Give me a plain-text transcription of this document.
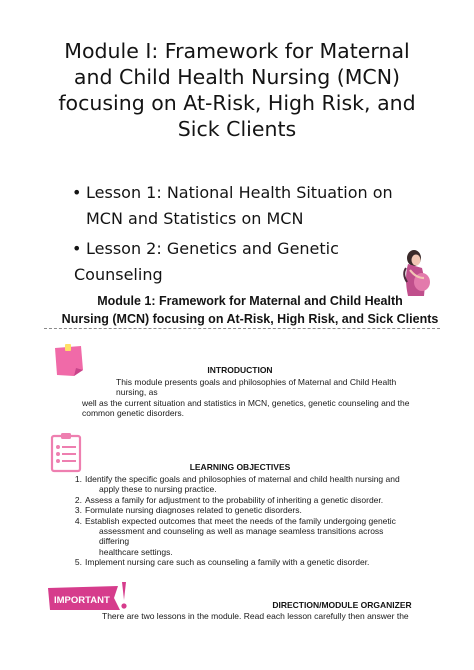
Module I: Framework for Maternal
and Child Health Nursing (MCN)
focusing on At-Risk, High Risk, and
Sick Clients
• Lesson 1: National Health Situation on
MCN and Statistics on MCN
• Lesson 2: Genetics and Genetic
Counseling
Module 1: Framework for Maternal and Child Health
Nursing (MCN) focusing on At-Risk, High Risk, and Sick Clients
INTRODUCTION
This module presents goals and philosophies of Maternal and Child Health nursing, as
well as the current situation and statistics in MCN, genetics, genetic counseling and the
common genetic disorders.
LEARNING OBJECTIVES
1. Identify the specific goals and philosophies of maternal and child health nursing and
apply these to nursing practice.
2. Assess a family for adjustment to the probability of inheriting a genetic disorder.
3. Formulate nursing diagnoses related to genetic disorders.
4. Establish expected outcomes that meet the needs of the family undergoing genetic
assessment and counseling as well as manage seamless transitions across differing
healthcare settings.
5. Implement nursing care such as counseling a family with a genetic disorder.
IMPORTANT	DIRECTION/MODULE ORGANIZER
There are two lessons in the module. Read each lesson carefully then answer the
